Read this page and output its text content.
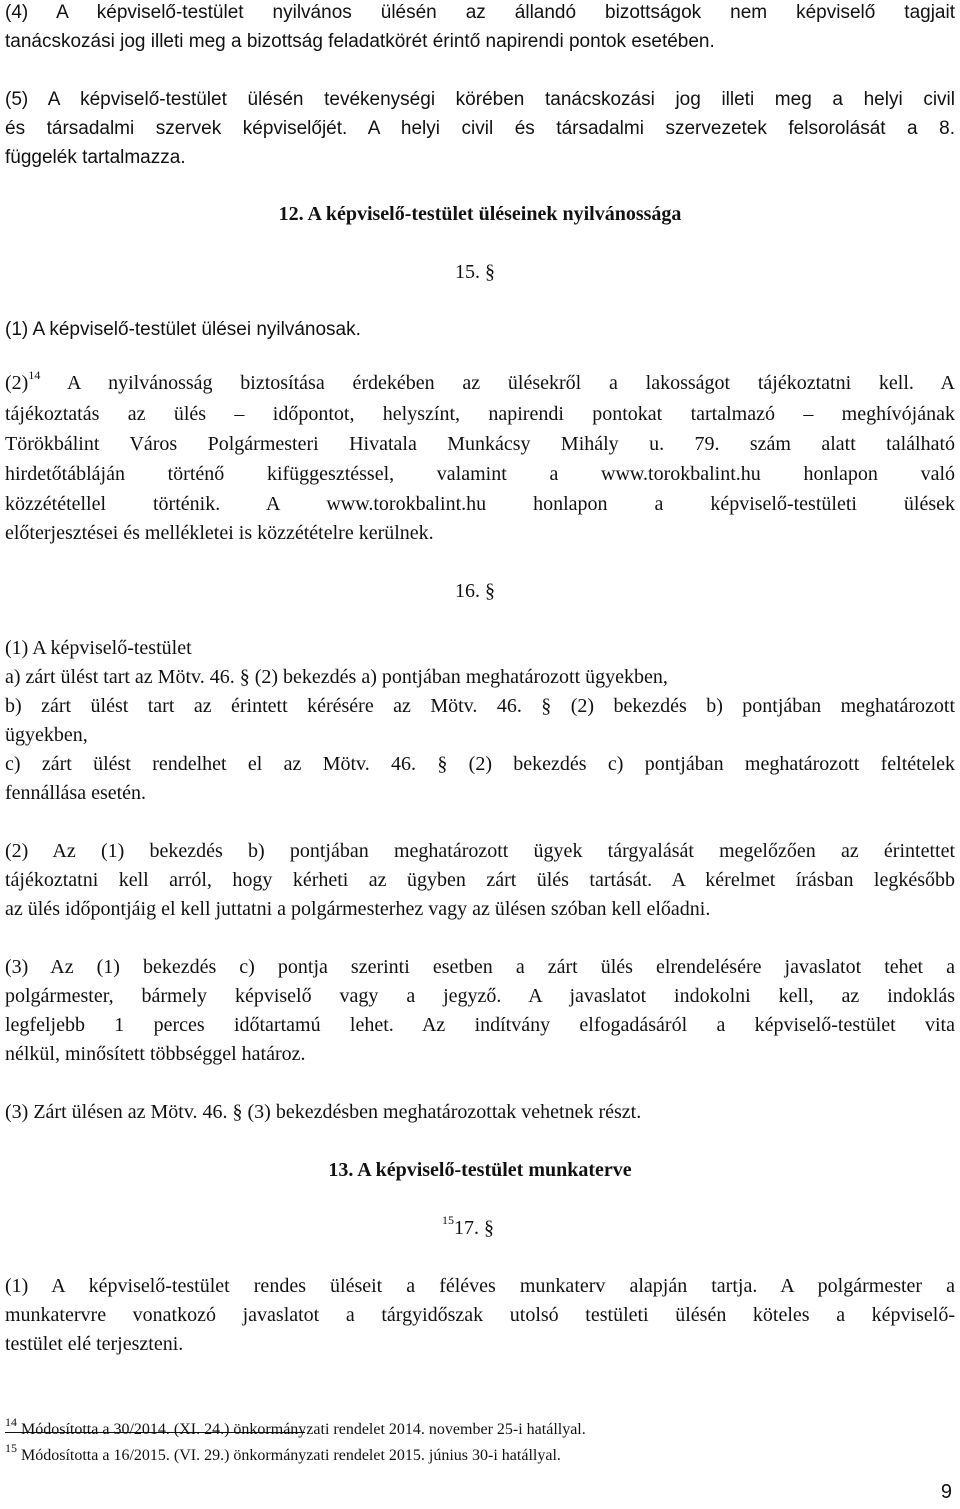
(4) A képviselő-testület nyilvános ülésén az állandó bizottságok nem képviselő tagjait

tanácskozási jog illeti meg a bizottság feladatkörét érintő napirendi pontok esetében.

(5) A képviselő-testület ülésén tevékenységi körében tanácskozási jog illeti meg a helyi civil

és társadalmi szervek képviselőjét. A helyi civil és társadalmi szervezetek felsorolását a 8.

függelék tartalmazza.

12. A képviselő-testület üléseinek nyilvánossága

15. §

(1) A képviselő-testület ülései nyilvánosak.

$(2)^{14}$ A nyilvánosság biztosítása érdekében az ülésekről a lakosságot tájékoztatni kell. A

tájékoztatás az ülés – időpontot, helyszínt, napirendi pontokat tartalmazó – meghívójának

Törökbálint Város Polgármesteri Hivatala Munkácsy Mihály u. 79. szám alatt található

hirdetőtábláján történő kifüggesztéssel, valamint a www.torokbalint.hu honlapon való

közzététellel történik. A www.torokbalint.hu honlapon a képviselő-testületi ülések

előterjesztései és mellékletei is közzétételre kerülnek.

16. §

(1) A képviselő-testület

a) zárt ülést tart az Mötv. 46. § (2) bekezdés a) pontjában meghatározott ügyekben,

b) zárt ülést tart az érintett kérésére az Mötv. 46. § (2) bekezdés b) pontjában meghatározott

ügyekben,

c) zárt ülést rendelhet el az Mötv. 46. § (2) bekezdés c) pontjában meghatározott feltételek

fennállása esetén.

(2) Az (1) bekezdés b) pontjában meghatározott ügyek tárgyalását megelőzően az érintettet

tájékoztatni kell arról, hogy kérheti az ügyben zárt ülés tartását. A kérelmet írásban legkésőbb

az ülés időpontjáig el kell juttatni a polgármesterhez vagy az ülésen szóban kell előadni.

(3) Az (1) bekezdés c) pontja szerinti esetben a zárt ülés elrendelésére javaslatot tehet a

polgármester, bármely képviselő vagy a jegyző. A javaslatot indokolni kell, az indoklás

legfeljebb 1 perces időtartamú lehet. Az indítvány elfogadásáról a képviselő-testület vita

nélkül, minősített többséggel határoz.

(3) Zárt ülésen az Mötv. 46. § (3) bekezdésben meghatározottak vehetnek részt.

13. A képviselő-testület munkaterve

$^{15}$17. §

(1) A képviselő-testület rendes üléseit a féléves munkaterv alapján tartja. A polgármester a

munkatervre vonatkozó javaslatot a tárgyidőszak utolsó testületi ülésén köteles a képviselő-

testület elé terjeszteni.

$^{14}$ Módosította a 30/2014. (XI. 24.) önkormányzati rendelet 2014. november 25-i hatállyal.

$^{15}$ Módosította a 16/2015. (VI. 29.) önkormányzati rendelet 2015. június 30-i hatállyal.

9
